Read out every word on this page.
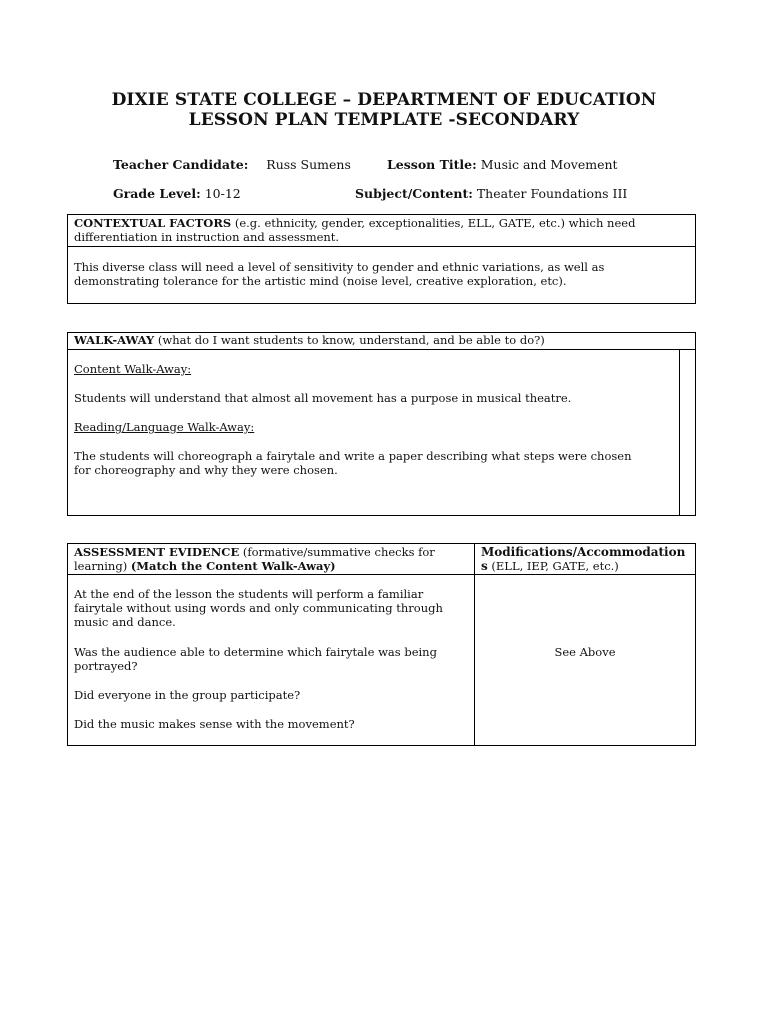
DIXIE STATE COLLEGE – DEPARTMENT OF EDUCATION
LESSON PLAN TEMPLATE -SECONDARY
Teacher Candidate: Russ Sumens	Lesson Title: Music and Movement
Grade Level: 10-12	Subject/Content: Theater Foundations III
CONTEXTUAL FACTORS (e.g. ethnicity, gender, exceptionalities, ELL, GATE, etc.) which need differentiation in instruction and assessment.
This diverse class will need a level of sensitivity to gender and ethnic variations, as well as demonstrating tolerance for the artistic mind (noise level, creative exploration, etc).
WALK-AWAY (what do I want students to know, understand, and be able to do?)
Content Walk-Away:
Students will understand that almost all movement has a purpose in musical theatre.
Reading/Language Walk-Away:
The students will choreograph a fairytale and write a paper describing what steps were chosen for choreography and why they were chosen.
ASSESSMENT EVIDENCE (formative/summative checks for learning) (Match the Content Walk-Away)
Modifications/Accommodations (ELL, IEP, GATE, etc.)
At the end of the lesson the students will perform a familiar fairytale without using words and only communicating through music and dance.
Was the audience able to determine which fairytale was being portrayed?
Did everyone in the group participate?
Did the music makes sense with the movement?
See Above
